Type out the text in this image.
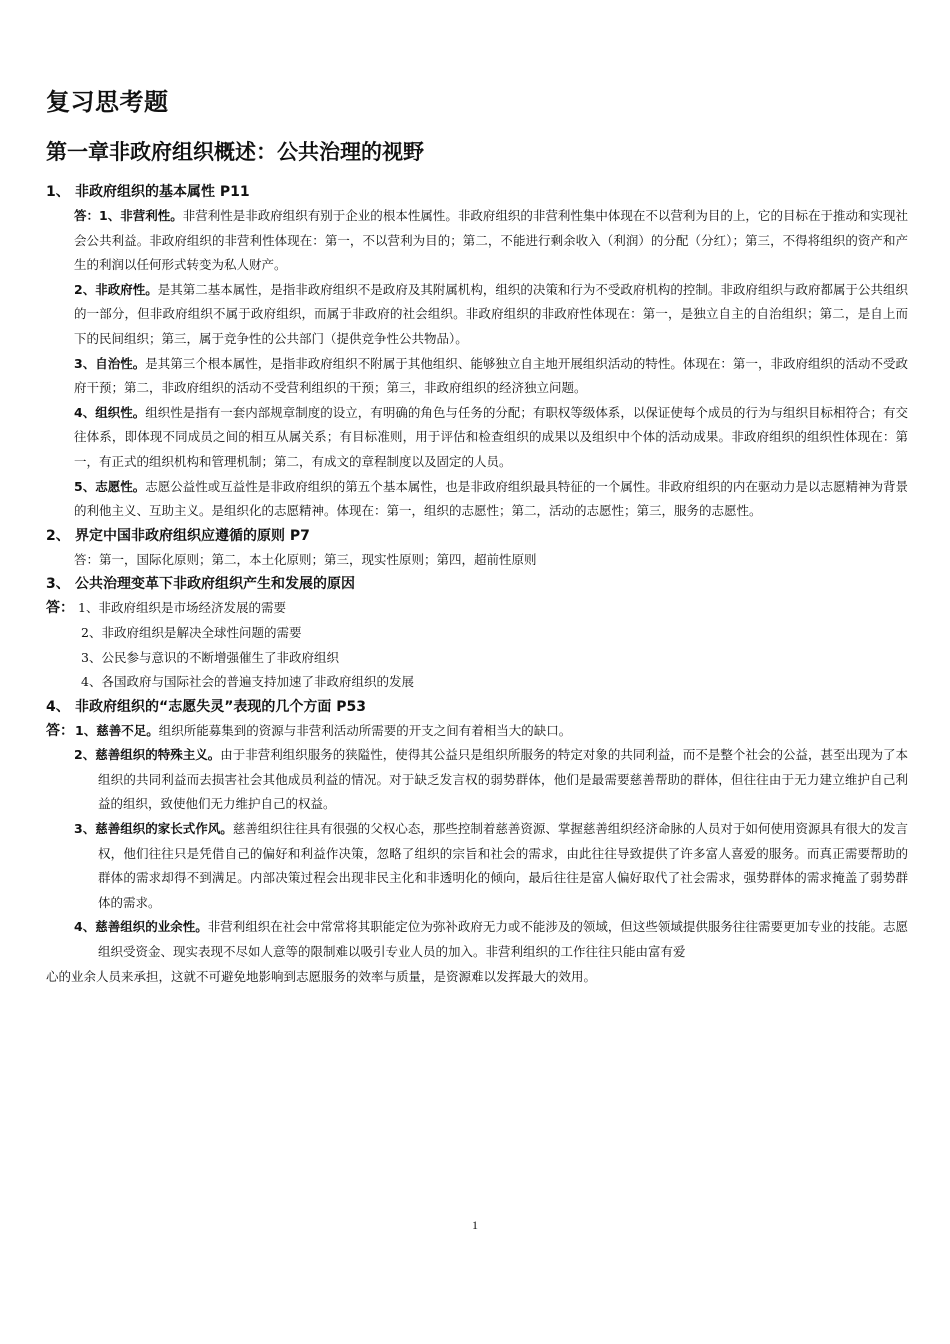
复习思考题
第一章非政府组织概述：公共治理的视野
1、 非政府组织的基本属性 P11

答：1、非营利性。非营利性是非政府组织有别于企业的根本性属性。非政府组织的非营利性集中体现在不以营利为目的上，它的目标在于推动和实现社会公共利益。非政府组织的非营利性体现在：第一，不以营利为目的；第二，不能进行剩余收入（利润）的分配（分红）；第三，不得将组织的资产和产生的利润以任何形式转变为私人财产。

2、非政府性。是其第二基本属性，是指非政府组织不是政府及其附属机构，组织的决策和行为不受政府机构的控制。非政府组织与政府都属于公共组织的一部分，但非政府组织不属于政府组织，而属于非政府的社会组织。非政府组织的非政府性体现在：第一，是独立自主的自治组织；第二，是自上而下的民间组织；第三，属于竞争性的公共部门（提供竞争性公共物品）。

3、自治性。是其第三个根本属性，是指非政府组织不附属于其他组织、能够独立自主地开展组织活动的特性。体现在：第一，非政府组织的活动不受政府干预；第二，非政府组织的活动不受营利组织的干预；第三，非政府组织的经济独立问题。

4、组织性。组织性是指有一套内部规章制度的设立，有明确的角色与任务的分配；有职权等级体系，以保证使每个成员的行为与组织目标相符合；有交往体系，即体现不同成员之间的相互从属关系；有目标准则，用于评估和检查组织的成果以及组织中个体的活动成果。非政府组织的组织性体现在：第一，有正式的组织机构和管理机制；第二，有成文的章程制度以及固定的人员。

5、志愿性。志愿公益性或互益性是非政府组织的第五个基本属性，也是非政府组织最具特征的一个属性。非政府组织的内在驱动力是以志愿精神为背景的利他主义、互助主义。是组织化的志愿精神。体现在：第一，组织的志愿性；第二，活动的志愿性；第三，服务的志愿性。

2、 界定中国非政府组织应遵循的原则 P7

答：第一，国际化原则；第二，本土化原则；第三，现实性原则；第四，超前性原则

3、 公共治理变革下非政府组织产生和发展的原因
答： 1、非政府组织是市场经济发展的需要
2、非政府组织是解决全球性问题的需要
3、公民参与意识的不断增强催生了非政府组织
4、各国政府与国际社会的普遍支持加速了非政府组织的发展
4、 非政府组织的“志愿失灵”表现的几个方面 P53
答： 1、慈善不足。组织所能募集到的资源与非营利活动所需要的开支之间有着相当大的缺口。

2、慈善组织的特殊主义。由于非营利组织服务的狭隘性，使得其公益只是组织所服务的特定对象的共同利益，而不是整个社会的公益，甚至出现为了本组织的共同利益而去损害社会其他成员利益的情况。对于缺乏发言权的弱势群体，他们是最需要慈善帮助的群体，但往往由于无力建立维护自己利益的组织，致使他们无力维护自己的权益。

3、慈善组织的家长式作风。慈善组织往往具有很强的父权心态，那些控制着慈善资源、掌握慈善组织经济命脉的人员对于如何使用资源具有很大的发言权，他们往往只是凭借自己的偏好和利益作决策，忽略了组织的宗旨和社会的需求，由此往往导致提供了许多富人喜爱的服务。而真正需要帮助的群体的需求却得不到满足。内部决策过程会出现非民主化和非透明化的倾向，最后往往是富人偏好取代了社会需求，强势群体的需求掩盖了弱势群体的需求。

4、慈善组织的业余性。非营利组织在社会中常常将其职能定位为弥补政府无力或不能涉及的领域，但这些领域提供服务往往需要更加专业的技能。志愿组织受资金、现实表现不尽如人意等的限制难以吸引专业人员的加入。非营利组织的工作往往只能由富有爱

心的业余人员来承担，这就不可避免地影响到志愿服务的效率与质量，是资源难以发挥最大的效用。

1
